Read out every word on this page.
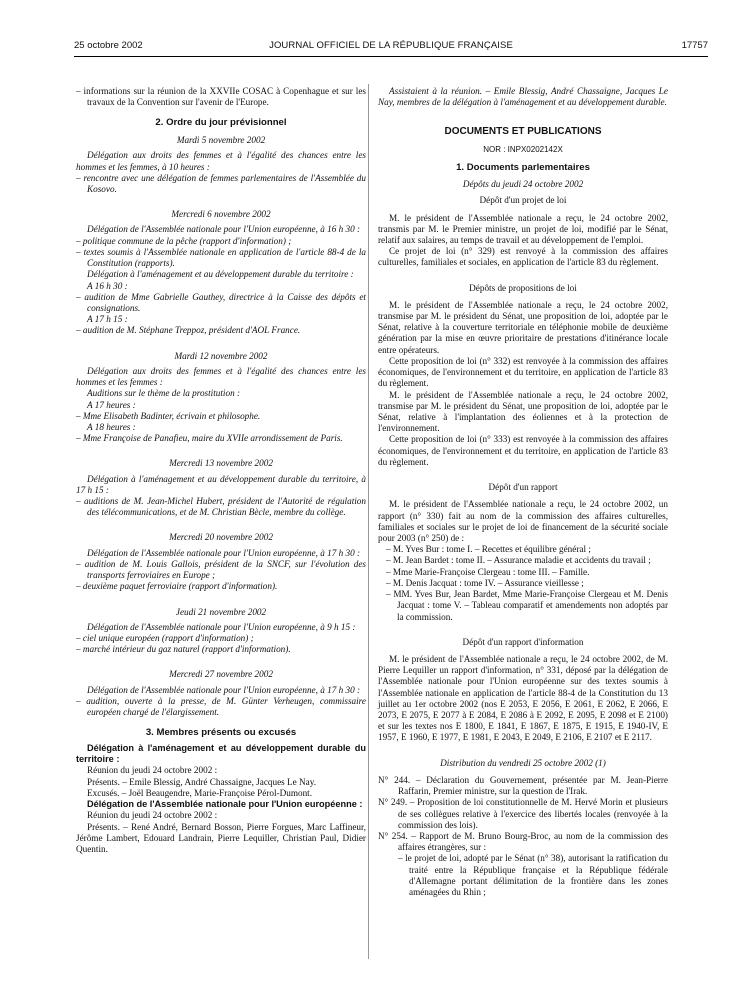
25 octobre 2002	JOURNAL OFFICIEL DE LA RÉPUBLIQUE FRANÇAISE	17757

– informations sur la réunion de la XXVIIe COSAC à Copenhague et sur les travaux de la Convention sur l'avenir de l'Europe.

2. Ordre du jour prévisionnel

Mardi 5 novembre 2002

Délégation aux droits des femmes et à l'égalité des chances entre les hommes et les femmes, à 10 heures :

– rencontre avec une délégation de femmes parlementaires de l'Assemblée du Kosovo.

Mercredi 6 novembre 2002

Délégation de l'Assemblée nationale pour l'Union européenne, à 16 h 30 :

– politique commune de la pêche (rapport d'information) ;

– textes soumis à l'Assemblée nationale en application de l'article 88-4 de la Constitution (rapports).

Délégation à l'aménagement et au développement durable du territoire :

A 16 h 30 :

– audition de Mme Gabrielle Gauthey, directrice à la Caisse des dépôts et consignations.

A 17 h 15 :

– audition de M. Stéphane Treppoz, président d'AOL France.

Mardi 12 novembre 2002

Délégation aux droits des femmes et à l'égalité des chances entre les hommes et les femmes :

Auditions sur le thème de la prostitution :

A 17 heures :

– Mme Elisabeth Badinter, écrivain et philosophe.

A 18 heures :

– Mme Françoise de Panafieu, maire du XVIIe arrondissement de Paris.

Mercredi 13 novembre 2002

Délégation à l'aménagement et au développement durable du territoire, à 17 h 15 :

– auditions de M. Jean-Michel Hubert, président de l'Autorité de régulation des télécommunications, et de M. Christian Bècle, membre du collège.

Mercredi 20 novembre 2002

Délégation de l'Assemblée nationale pour l'Union européenne, à 17 h 30 :

– audition de M. Louis Gallois, président de la SNCF, sur l'évolution des transports ferroviaires en Europe ;

– deuxième paquet ferroviaire (rapport d'information).

Jeudi 21 novembre 2002

Délégation de l'Assemblée nationale pour l'Union européenne, à 9 h 15 :

– ciel unique européen (rapport d'information) ;

– marché intérieur du gaz naturel (rapport d'information).

Mercredi 27 novembre 2002

Délégation de l'Assemblée nationale pour l'Union européenne, à 17 h 30 :

– audition, ouverte à la presse, de M. Günter Verheugen, commissaire européen chargé de l'élargissement.

3. Membres présents ou excusés

Délégation à l'aménagement et au développement durable du territoire :

Réunion du jeudi 24 octobre 2002 :

Présents. – Emile Blessig, André Chassaigne, Jacques Le Nay.

Excusés. – Joël Beaugendre, Marie-Françoise Pérol-Dumont.

Délégation de l'Assemblée nationale pour l'Union européenne :

Réunion du jeudi 24 octobre 2002 :

Présents. – René André, Bernard Bosson, Pierre Forgues, Marc Laffineur, Jérôme Lambert, Edouard Landrain, Pierre Lequiller, Christian Paul, Didier Quentin.

Assistaient à la réunion. – Emile Blessig, André Chassaigne, Jacques Le Nay, membres de la délégation à l'aménagement et au développement durable.

DOCUMENTS ET PUBLICATIONS

NOR : INPX0202142X

1. Documents parlementaires

Dépôts du jeudi 24 octobre 2002

Dépôt d'un projet de loi

M. le président de l'Assemblée nationale a reçu, le 24 octobre 2002, transmis par M. le Premier ministre, un projet de loi, modifié par le Sénat, relatif aux salaires, au temps de travail et au développement de l'emploi.

Ce projet de loi (n° 329) est renvoyé à la commission des affaires culturelles, familiales et sociales, en application de l'article 83 du règlement.

Dépôts de propositions de loi

M. le président de l'Assemblée nationale a reçu, le 24 octobre 2002, transmise par M. le président du Sénat, une proposition de loi, adoptée par le Sénat, relative à la couverture territoriale en téléphonie mobile de deuxième génération par la mise en œuvre prioritaire de prestations d'itinérance locale entre opérateurs.

Cette proposition de loi (n° 332) est renvoyée à la commission des affaires économiques, de l'environnement et du territoire, en application de l'article 83 du règlement.

M. le président de l'Assemblée nationale a reçu, le 24 octobre 2002, transmise par M. le président du Sénat, une proposition de loi, adoptée par le Sénat, relative à l'implantation des éoliennes et à la protection de l'environnement.

Cette proposition de loi (n° 333) est renvoyée à la commission des affaires économiques, de l'environnement et du territoire, en application de l'article 83 du règlement.

Dépôt d'un rapport

M. le président de l'Assemblée nationale a reçu, le 24 octobre 2002, un rapport (n° 330) fait au nom de la commission des affaires culturelles, familiales et sociales sur le projet de loi de financement de la sécurité sociale pour 2003 (n° 250) de :

– M. Yves Bur : tome I. – Recettes et équilibre général ;

– M. Jean Bardet : tome II. – Assurance maladie et accidents du travail ;

– Mme Marie-Françoise Clergeau : tome III. – Famille.

– M. Denis Jacquat : tome IV. – Assurance vieillesse ;

– MM. Yves Bur, Jean Bardet, Mme Marie-Françoise Clergeau et M. Denis Jacquat : tome V. – Tableau comparatif et amendements non adoptés par la commission.

Dépôt d'un rapport d'information

M. le président de l'Assemblée nationale a reçu, le 24 octobre 2002, de M. Pierre Lequiller un rapport d'information, n° 331, déposé par la délégation de l'Assemblée nationale pour l'Union européenne sur des textes soumis à l'Assemblée nationale en application de l'article 88-4 de la Constitution du 13 juillet au 1er octobre 2002 (nos E 2053, E 2056, E 2061, E 2062, E 2066, E 2073, E 2075, E 2077 à E 2084, E 2086 à E 2092, E 2095, E 2098 et E 2100) et sur les textes nos E 1800, E 1841, E 1867, E 1875, E 1915, E 1940-IV, E 1957, E 1960, E 1977, E 1981, E 2043, E 2049, E 2106, E 2107 et E 2117.

Distribution du vendredi 25 octobre 2002 (1)

N° 244. – Déclaration du Gouvernement, présentée par M. Jean-Pierre Raffarin, Premier ministre, sur la question de l'Irak.

N° 249. – Proposition de loi constitutionnelle de M. Hervé Morin et plusieurs de ses collègues relative à l'exercice des libertés locales (renvoyée à la commission des lois).

N° 254. – Rapport de M. Bruno Bourg-Broc, au nom de la commission des affaires étrangères, sur :

– le projet de loi, adopté par le Sénat (n° 38), autorisant la ratification du traité entre la République française et la République fédérale d'Allemagne portant délimitation de la frontière dans les zones aménagées du Rhin ;
